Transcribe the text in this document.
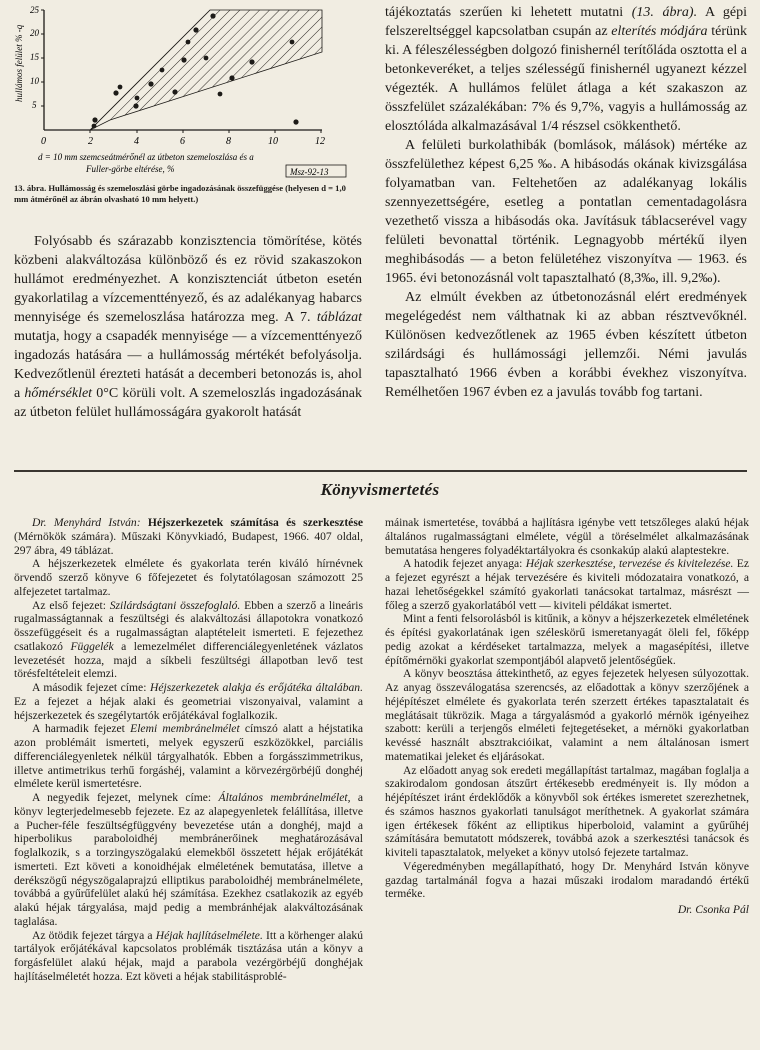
5
10
15
20
25
0	2	4	6	8	10	12
hullámos felület % -q
d = 10 mm szemcseátmérőnél az útbeton szemeloszlása és a
Fuller-görbe eltérése, %	Msz-92-13
13. ábra. Hullámosság és szemeloszlási görbe ingadozásának összefüggése (helyesen d = 1,0 mm átmérőnél az ábrán olvasható 10 mm helyett.)

Folyósabb és szárazabb konzisztencia tömörítése, kötés közbeni alakváltozása különböző és ez rövid szakaszokon hullámot eredményezhet. A konzisztenciát útbeton esetén gyakorlatilag a vízcementtényező, és az adalékanyag habarcs mennyisége és szemeloszlása határozza meg. A 7. táblázat mutatja, hogy a csapadék mennyisége — a vízcementtényező ingadozás hatására — a hullámosság mértékét befolyásolja. Kedvezőtlenül érezteti hatását a decemberi betonozás is, ahol a hőmérséklet 0°C körüli volt. A szemeloszlás ingadozásának az útbeton felület hullámosságára gyakorolt hatását

tájékoztatás szerűen ki lehetett mutatni (13. ábra). A gépi felszereltséggel kapcsolatban csupán az elterítés módjára térünk ki. A féleszélességben dolgozó finishernél terítőláda osztotta el a betonkeveréket, a teljes szélességű finishernél ugyanezt kézzel végezték. A hullámos felület átlaga a két szakaszon az összfelület százalékában: 7% és 9,7%, vagyis a hullámosság az elosztóláda alkalmazásával 1/4 részsel csökkenthető.

A felületi burkolathibák (bomlások, málások) mértéke az összfelülethez képest 6,25 ‰. A hibásodás okának kivizsgálása folyamatban van. Feltehetően az adalékanyag lokális szennyezettségére, esetleg a pontatlan cementadagolásra vezethető vissza a hibásodás oka. Javításuk táblacserével vagy felületi bevonattal történik. Legnagyobb mértékű ilyen meghibásodás — a beton felületéhez viszonyítva — 1963. és 1965. évi betonozásnál volt tapasztalható (8,3‰, ill. 9,2‰).

Az elmúlt években az útbetonozásnál elért eredmények megelégedést nem válthatnak ki az abban résztvevőknél. Különösen kedvezőtlenek az 1965 évben készített útbeton szilárdsági és hullámossági jellemzői. Némi javulás tapasztalható 1966 évben a korábbi évekhez viszonyítva. Remélhetően 1967 évben ez a javulás tovább fog tartani.

Könyvismertetés

Dr. Menyhárd István: Héjszerkezetek számítása és szerkesztése (Mérnökök számára). Műszaki Könyvkiadó, Budapest, 1966. 407 oldal, 297 ábra, 49 táblázat.

A héjszerkezetek elmélete és gyakorlata terén kiváló hírnévnek örvendő szerző könyve 6 főfejezetet és folytatólagosan számozott 25 alfejezetet tartalmaz.

Az első fejezet: Szilárdságtani összefoglaló. Ebben a szerző a lineáris rugalmasságtannak a feszültségi és alakváltozási állapotokra vonatkozó összefüggéseit és a rugalmasságtan alaptételeit ismerteti. E fejezethez csatlakozó Függelék a lemezelmélet differenciálegyenletének vázlatos levezetését hozza, majd a síkbeli feszültségi állapotban levő test törésfeltételeit elemzi.

A második fejezet címe: Héjszerkezetek alakja és erőjátéka általában. Ez a fejezet a héjak alaki és geometriai viszonyaival, valamint a héjszerkezetek és szegélytartók erőjátékával foglalkozik.

A harmadik fejezet Elemi membránelmélet címszó alatt a héjstatika azon problémáit ismerteti, melyek egyszerű eszközökkel, parciális differenciálegyenletek nélkül tárgyalhatók. Ebben a forgásszimmetrikus, illetve antimetrikus terhű forgáshéj, valamint a körvezérgörbéjű donghéj elmélete kerül ismertetésre.

A negyedik fejezet, melynek címe: Általános membránelmélet, a könyv legterjedelmesebb fejezete. Ez az alapegyenletek felállítása, illetve a Pucher-féle feszültségfüggvény bevezetése után a donghéj, majd a hiperbolikus paraboloidhéj membránerőinek meghatározásával foglalkozik, s a torzingyszögalakú elemekből összetett héjak erőjátékát ismerteti. Ezt követi a konoidhéjak elméletének bemutatása, illetve a derékszögű négyszögalaprajzú elliptikus paraboloidhéj membránelmélete, továbbá a gyűrűfelület alakú héj számítása. Ezekhez csatlakozik az egyéb alakú héjak tárgyalása, majd pedig a membránhéjak alakváltozásának taglalása.

Az ötödik fejezet tárgya a Héjak hajlításelmélete. Itt a körhenger alakú tartályok erőjátékával kapcsolatos problémák tisztázása után a könyv a forgásfelület alakú héjak, majd a parabola vezérgörbéjű donghéjak hajlításelméletét hozza. Ezt követi a héjak stabilitásproblé-

máinak ismertetése, továbbá a hajlításra igénybe vett tetszőleges alakú héjak általános rugalmasságtani elmélete, végül a töréselmélet alkalmazásának bemutatása hengeres folyadéktartályokra és csonkakúp alakú alaptestekre.

A hatodik fejezet anyaga: Héjak szerkesztése, tervezése és kivitelezése. Ez a fejezet egyrészt a héjak tervezésére és kiviteli módozataira vonatkozó, a hazai lehetőségekkel számító gyakorlati tanácsokat tartalmaz, másrészt — főleg a szerző gyakorlatából vett — kiviteli példákat ismertet.

Mint a fenti felsorolásból is kitűnik, a könyv a héjszerkezetek elméletének és építési gyakorlatának igen széleskörű ismeretanyagát öleli fel, főképp pedig azokat a kérdéseket tartalmazza, melyek a magasépítési, illetve építőmérnöki gyakorlat szempontjából alapvető jelentőségűek.

A könyv beosztása áttekinthető, az egyes fejezetek helyesen súlyozottak. Az anyag összeválogatása szerencsés, az előadottak a könyv szerzőjének a héjépítészet elmélete és gyakorlata terén szerzett értékes tapasztalatait és meglátásait tükrözik. Maga a tárgyalásmód a gyakorló mérnök igényeihez szabott: kerüli a terjengős elméleti fejtegetéseket, a mérnöki gyakorlatban kevéssé használt absztrakcióikat, valamint a nem általánosan ismert matematikai jeleket és eljárásokat.

Az előadott anyag sok eredeti megállapítást tartalmaz, magában foglalja a szakirodalom gondosan átszűrt értékesebb eredményeit is. Ily módon a héjépítészet iránt érdeklődők a könyvből sok értékes ismeretet szerezhetnek, és számos hasznos gyakorlati tanulságot meríthetnek. A gyakorlat számára igen értékesek főként az elliptikus hiperboloid, valamint a gyűrűhéj számítására bemutatott módszerek, továbbá azok a szerkesztési tanácsok és kiviteli tapasztalatok, melyeket a könyv utolsó fejezete tartalmaz.

Végeredményben megállapítható, hogy Dr. Menyhárd István könyve gazdag tartalmánál fogva a hazai műszaki irodalom maradandó értékű terméke.

Dr. Csonka Pál
